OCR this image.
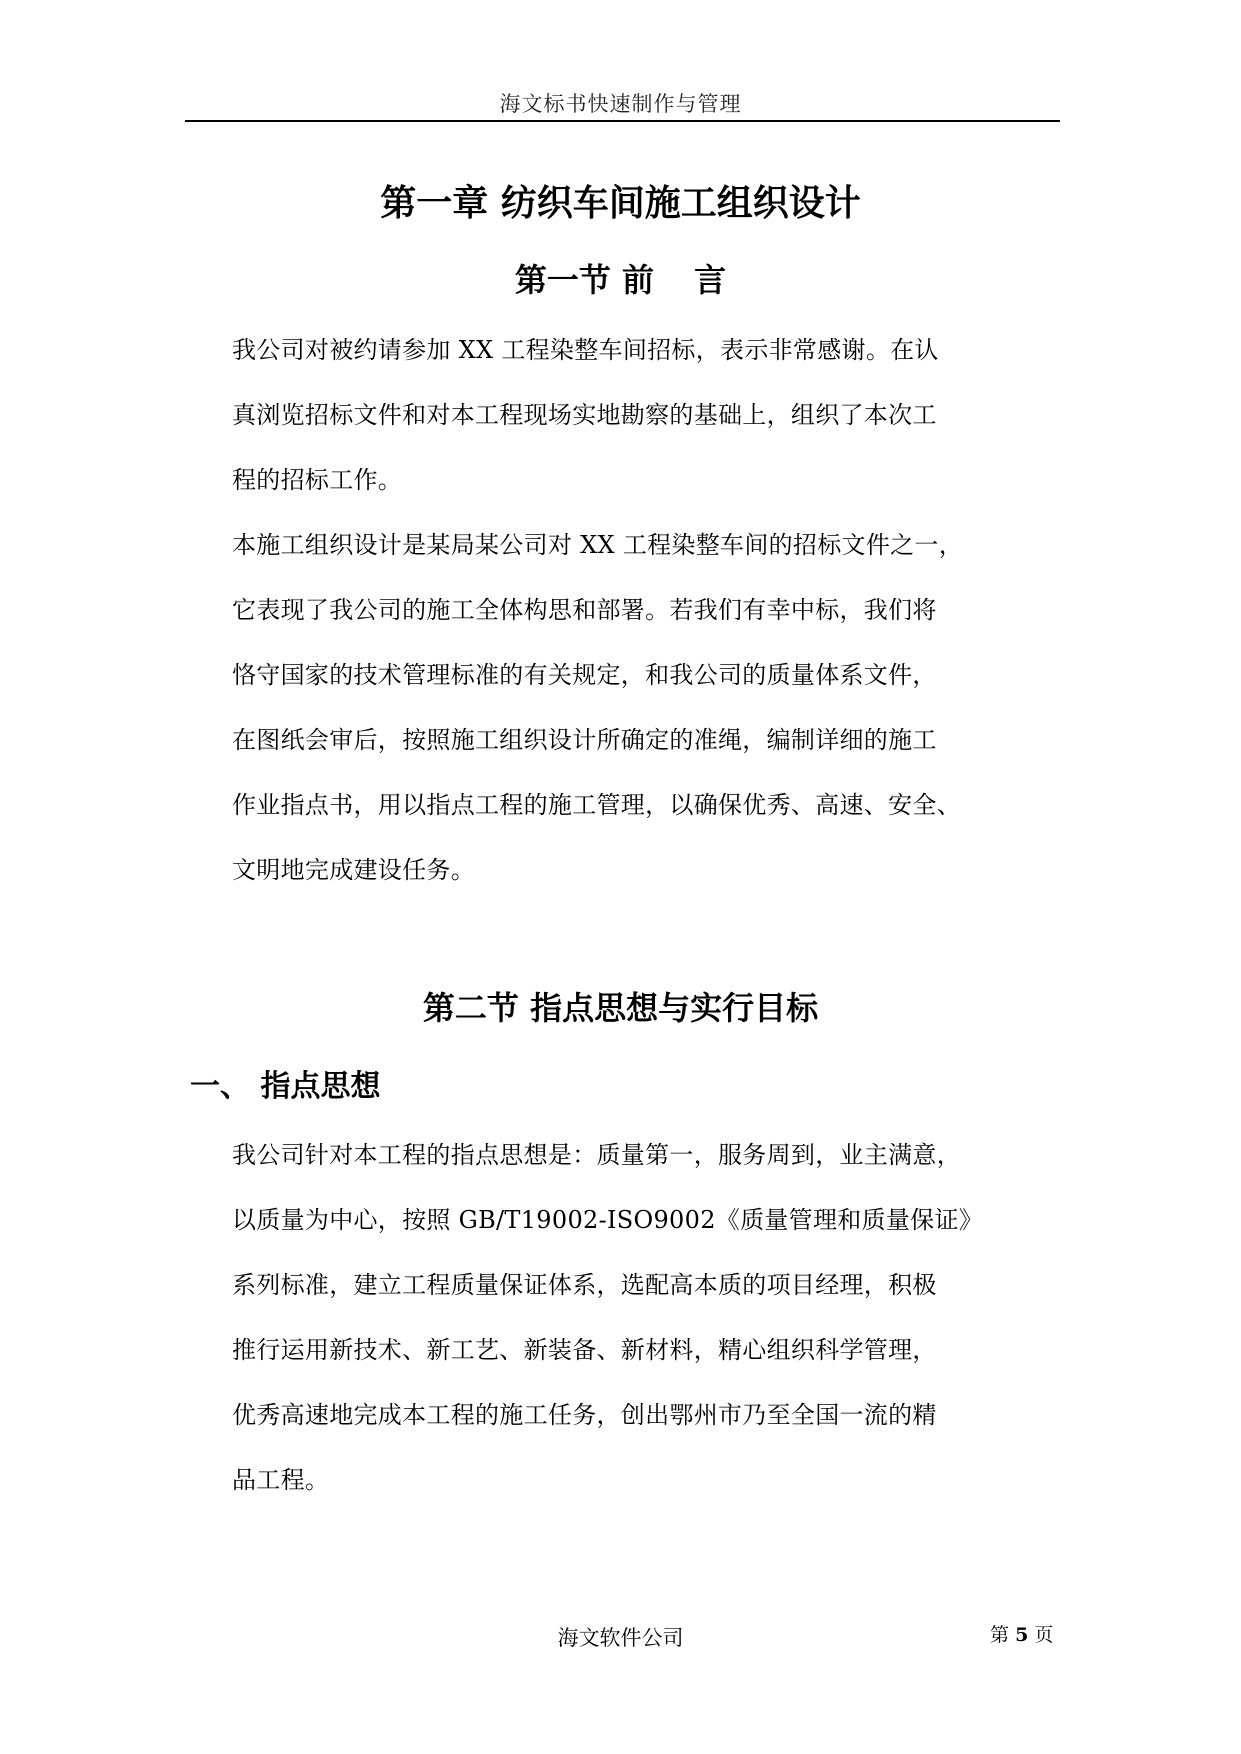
海文标书快速制作与管理
第一章 纺织车间施工组织设计
第一节 前 言
我公司对被约请参加 XX 工程染整车间招标，表示非常感谢。在认
真浏览招标文件和对本工程现场实地勘察的基础上，组织了本次工
程的招标工作。
本施工组织设计是某局某公司对 XX 工程染整车间的招标文件之一，
它表现了我公司的施工全体构思和部署。若我们有幸中标，我们将
恪守国家的技术管理标准的有关规定，和我公司的质量体系文件，
在图纸会审后，按照施工组织设计所确定的准绳，编制详细的施工
作业指点书，用以指点工程的施工管理，以确保优秀、高速、安全、
文明地完成建设任务。
第二节 指点思想与实行目标
一、 指点思想
我公司针对本工程的指点思想是：质量第一，服务周到，业主满意，
以质量为中心，按照 GB/T19002-ISO9002《质量管理和质量保证》
系列标准，建立工程质量保证体系，选配高本质的项目经理，积极
推行运用新技术、新工艺、新装备、新材料，精心组织科学管理，
优秀高速地完成本工程的施工任务，创出鄂州市乃至全国一流的精
品工程。
海文软件公司	第 5 页
